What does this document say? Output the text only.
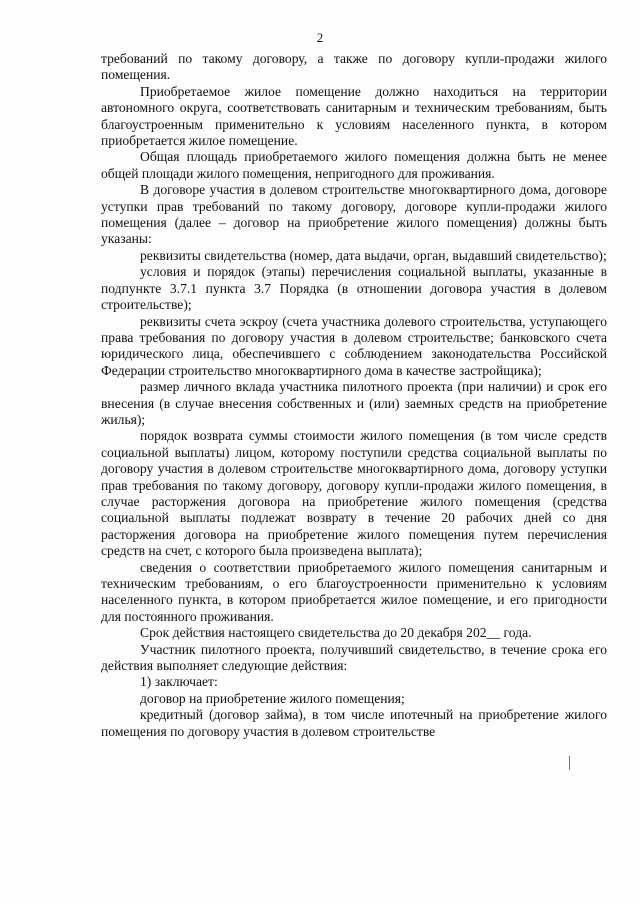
2

требований по такому договору, а также по договору купли-продажи жилого помещения.

Приобретаемое жилое помещение должно находиться на территории автономного округа, соответствовать санитарным и техническим требованиям, быть благоустроенным применительно к условиям населенного пункта, в котором приобретается жилое помещение.

Общая площадь приобретаемого жилого помещения должна быть не менее общей площади жилого помещения, непригодного для проживания.

В договоре участия в долевом строительстве многоквартирного дома, договоре уступки прав требований по такому договору, договоре купли-продажи жилого помещения (далее – договор на приобретение жилого помещения) должны быть указаны:

реквизиты свидетельства (номер, дата выдачи, орган, выдавший свидетельство);

условия и порядок (этапы) перечисления социальной выплаты, указанные в подпункте 3.7.1 пункта 3.7 Порядка (в отношении договора участия в долевом строительстве);

реквизиты счета эскроу (счета участника долевого строительства, уступающего права требования по договору участия в долевом строительстве; банковского счета юридического лица, обеспечившего с соблюдением законодательства Российской Федерации строительство многоквартирного дома в качестве застройщика);

размер личного вклада участника пилотного проекта (при наличии) и срок его внесения (в случае внесения собственных и (или) заемных средств на приобретение жилья);

порядок возврата суммы стоимости жилого помещения (в том числе средств социальной выплаты) лицом, которому поступили средства социальной выплаты по договору участия в долевом строительстве многоквартирного дома, договору уступки прав требования по такому договору, договору купли-продажи жилого помещения, в случае расторжения договора на приобретение жилого помещения (средства социальной выплаты подлежат возврату в течение 20 рабочих дней со дня расторжения договора на приобретение жилого помещения путем перечисления средств на счет, с которого была произведена выплата);

сведения о соответствии приобретаемого жилого помещения санитарным и техническим требованиям, о его благоустроенности применительно к условиям населенного пункта, в котором приобретается жилое помещение, и его пригодности для постоянного проживания.

Срок действия настоящего свидетельства до 20 декабря 202__ года.

Участник пилотного проекта, получивший свидетельство, в течение срока его действия выполняет следующие действия:

1) заключает:

договор на приобретение жилого помещения;

кредитный (договор займа), в том числе ипотечный на приобретение жилого помещения по договору участия в долевом строительстве
